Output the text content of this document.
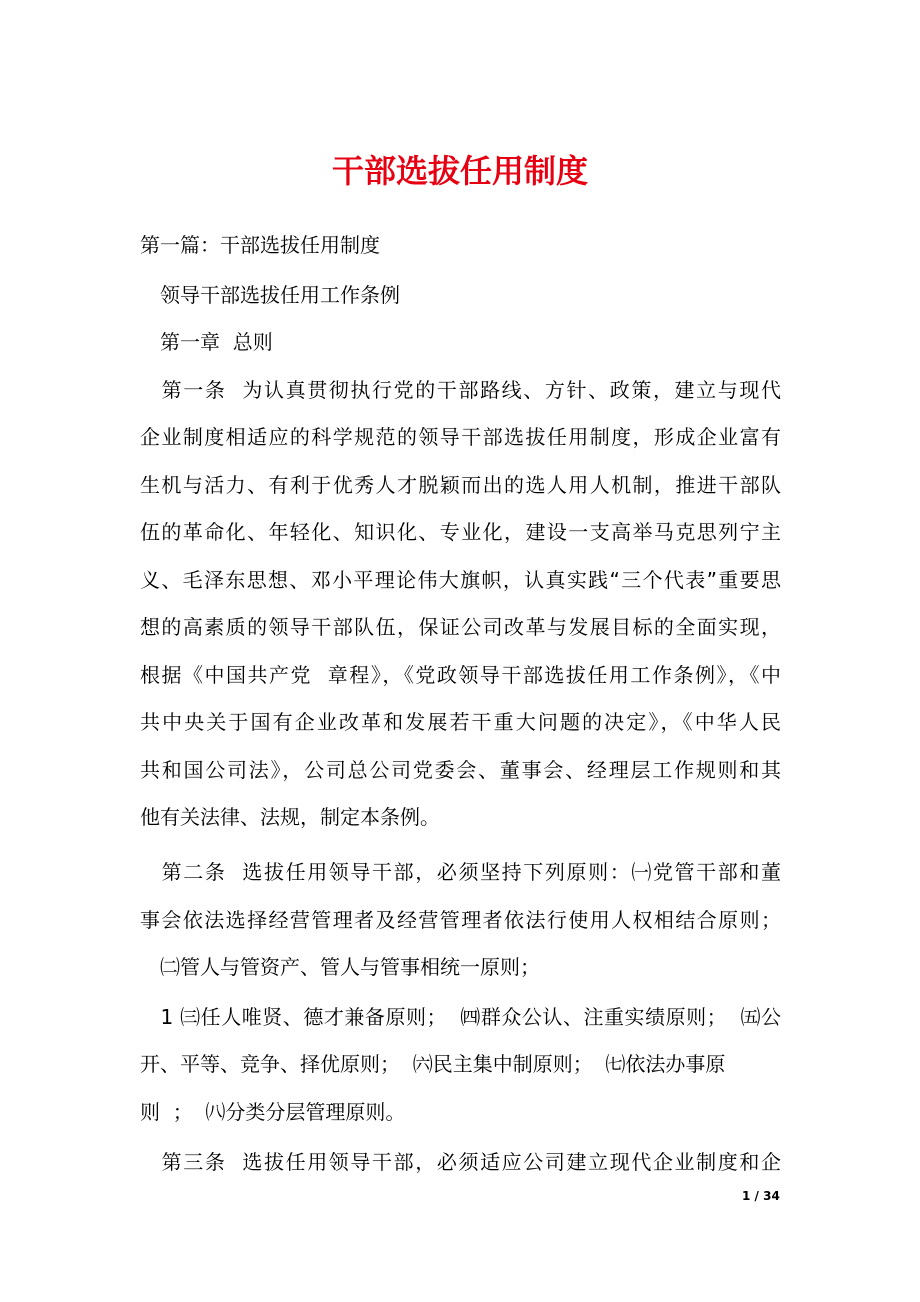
干部选拔任用制度
第一篇：干部选拔任用制度
　领导干部选拔任用工作条例
　第一章  总则
　第一条  为认真贯彻执行党的干部路线、方针、政策，建立与现代
企业制度相适应的科学规范的领导干部选拔任用制度，形成企业富有
生机与活力、有利于优秀人才脱颖而出的选人用人机制，推进干部队
伍的革命化、年轻化、知识化、专业化，建设一支高举马克思列宁主
义、毛泽东思想、邓小平理论伟大旗帜，认真实践“三个代表”重要思
想的高素质的领导干部队伍，保证公司改革与发展目标的全面实现，
根据《中国共产党  章程》，《党政领导干部选拔任用工作条例》，《中
共中央关于国有企业改革和发展若干重大问题的决定》，《中华人民
共和国公司法》，公司总公司党委会、董事会、经理层工作规则和其
他有关法律、法规，制定本条例。
　第二条  选拔任用领导干部，必须坚持下列原则：㈠党管干部和董
事会依法选择经营管理者及经营管理者依法行使用人权相结合原则；
　㈡管人与管资产、管人与管事相统一原则；
　1 ㈢任人唯贤、德才兼备原则；  ㈣群众公认、注重实绩原则；  ㈤公
开、平等、竞争、择优原则；  ㈥民主集中制原则；  ㈦依法办事原
则  ；  ㈧分类分层管理原则。
　第三条  选拔任用领导干部，必须适应公司建立现代企业制度和企
1 / 34
